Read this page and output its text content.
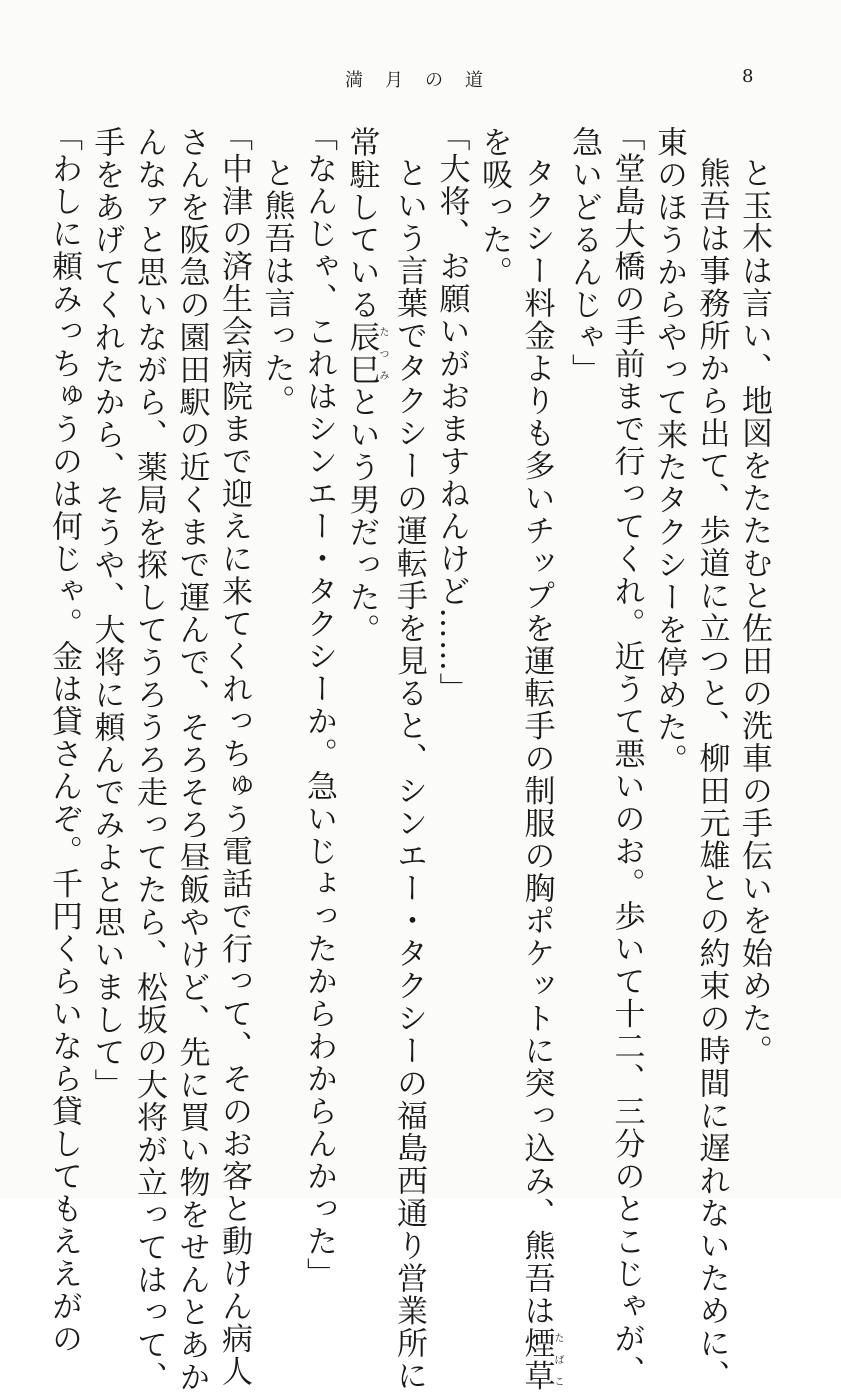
満月の道	8
と玉木は言い、地図をたたむと佐田の洗車の手伝いを始めた。
熊吾は事務所から出て、歩道に立つと、柳田元雄との約束の時間に遅れないために、
東のほうからやって来たタクシーを停めた。
「堂島大橋の手前まで行ってくれ。近うて悪いのお。歩いて十二、三分のとこじゃが、
急いどるんじゃ」
タクシー料金よりも多いチップを運転手の制服の胸ポケットに突っ込み、熊吾は煙草たばこ
を吸った。
「大将、お願いがおますねんけど……」
という言葉でタクシーの運転手を見ると、シンエー・タクシーの福島西通り営業所に
常駐している辰巳たつみという男だった。
「なんじゃ、これはシンエー・タクシーか。急いじょったからわからんかった」
と熊吾は言った。
「中津の済生会病院まで迎えに来てくれっちゅう電話で行って、そのお客と動けん病人
さんを阪急の園田駅の近くまで運んで、そろそろ昼飯やけど、先に買い物をせんとあか
んなァと思いながら、薬局を探してうろうろ走ってたら、松坂の大将が立ってはって、
手をあげてくれたから、そうや、大将に頼んでみよと思いまして」
「わしに頼みっちゅうのは何じゃ。金は貸さんぞ。千円くらいなら貸してもええがの
